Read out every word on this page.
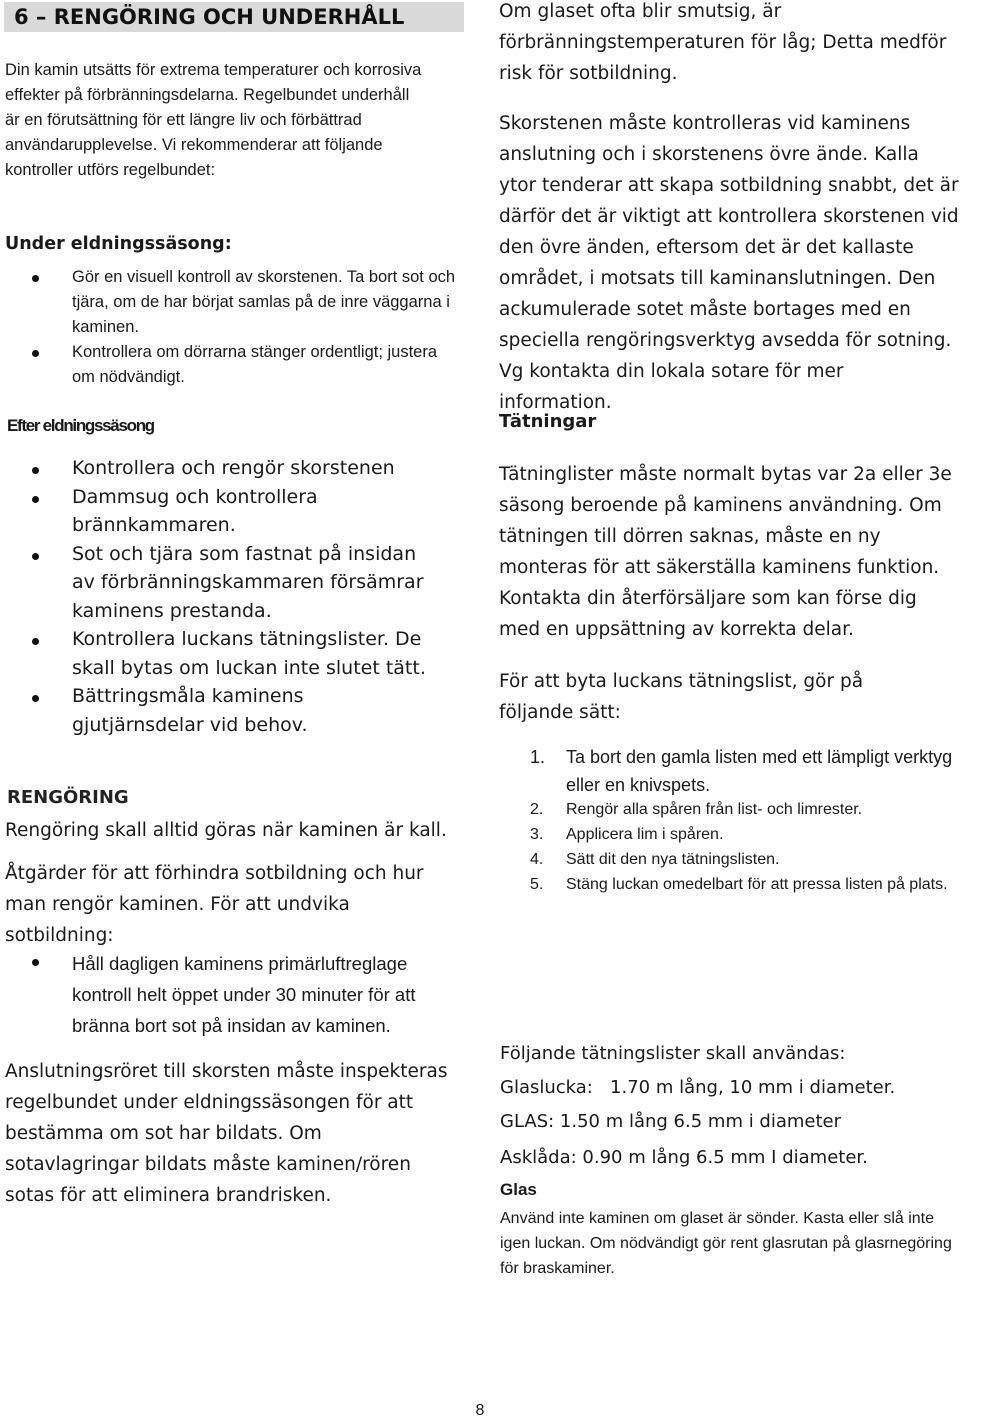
6 – RENGÖRING OCH UNDERHÅLL
Din kamin utsätts för extrema temperaturer och korrosiva effekter på förbränningsdelarna. Regelbundet underhåll är en förutsättning för ett längre liv och förbättrad användarupplevelse. Vi rekommenderar att följande kontroller utförs regelbundet:
Under eldningssäsong:
Gör en visuell kontroll av skorstenen. Ta bort sot och tjära, om de har börjat samlas på de inre väggarna i kaminen.
Kontrollera om dörrarna stänger ordentligt; justera om nödvändigt.
Efter eldningssäsong
Kontrollera och rengör skorstenen
Dammsug och kontrollera brännkammaren.
Sot och tjära som fastnat på insidan av förbränningskammaren försämrar kaminens prestanda.
Kontrollera luckans tätningslister. De skall bytas om luckan inte slutet tätt.
Bättringsmåla kaminens gjutjärnsdelar vid behov.
RENGÖRING
Rengöring skall alltid göras när kaminen är kall.
Åtgärder för att förhindra sotbildning och hur man rengör kaminen. För att undvika sotbildning:
Håll dagligen kaminens primärluftreglage kontroll helt öppet under 30 minuter för att bränna bort sot på insidan av kaminen.
Anslutningsröret till skorsten måste inspekteras regelbundet under eldningssäsongen för att bestämma om sot har bildats. Om sotavlagringar bildats måste kaminen/rören sotas för att eliminera brandrisken.
Om glaset ofta blir smutsig, är förbränningstemperaturen för låg; Detta medför risk för sotbildning.
Skorstenen måste kontrolleras vid kaminens anslutning och i skorstenens övre ände. Kalla ytor tenderar att skapa sotbildning snabbt, det är därför det är viktigt att kontrollera skorstenen vid den övre änden, eftersom det är det kallaste området, i motsats till kaminanslutningen. Den ackumulerade sotet måste bortages med en speciella rengöringsverktyg avsedda för sotning. Vg kontakta din lokala sotare för mer information.
Tätningar
Tätninglister måste normalt bytas var 2a eller 3e säsong beroende på kaminens användning. Om tätningen till dörren saknas, måste en ny monteras för att säkerställa kaminens funktion. Kontakta din återförsäljare som kan förse dig med en uppsättning av korrekta delar.
För att byta luckans tätningslist, gör på följande sätt:
1. Ta bort den gamla listen med ett lämpligt verktyg eller en knivspets.
2. Rengör alla spåren från list- och limrester.
3. Applicera lim i spåren.
4. Sätt dit den nya tätningslisten.
5. Stäng luckan omedelbart för att pressa listen på plats.
Följande tätningslister skall användas:
Glaslucka:   1.70 m lång, 10 mm i diameter.
GLAS: 1.50 m lång 6.5 mm i diameter
Asklåda: 0.90 m lång 6.5 mm I diameter.
Glas
Använd inte kaminen om glaset är sönder. Kasta eller slå inte igen luckan. Om nödvändigt gör rent glasrutan på glasrnegöring för braskaminer.
8
